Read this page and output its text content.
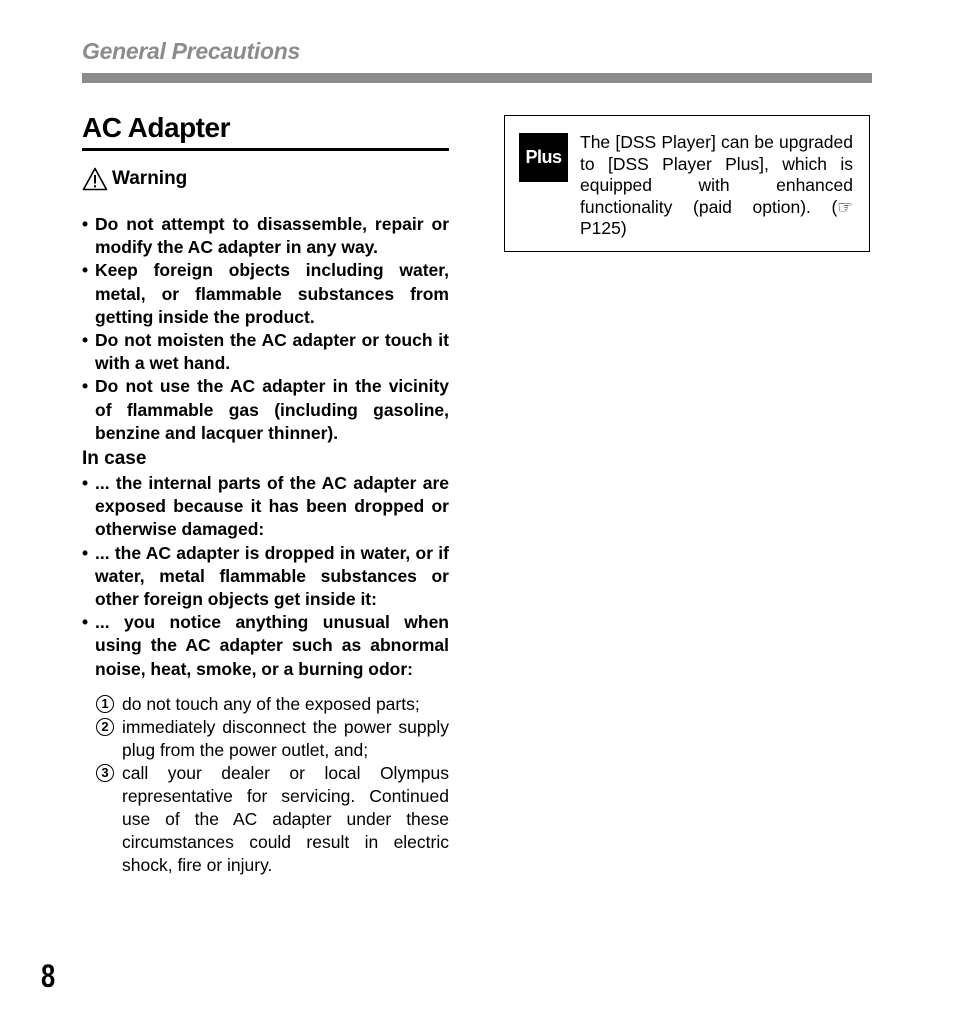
General Precautions
AC Adapter
Warning
• Do not attempt to disassemble, repair or modify the AC adapter in any way.
• Keep foreign objects including water, metal, or flammable substances from getting inside the product.
• Do not moisten the AC adapter or touch it with a wet hand.
• Do not use the AC adapter in the vicinity of flammable gas (including gasoline, benzine and lacquer thinner).
In case
• ... the internal parts of the AC adapter are exposed because it has been dropped or otherwise damaged:
• ... the AC adapter is dropped in water, or if water, metal flammable substances or other foreign objects get inside it:
• ... you notice anything unusual when using the AC adapter such as abnormal noise, heat, smoke, or a burning odor:
1 do not touch any of the exposed parts;
2 immediately disconnect the power supply plug from the power outlet, and;
3 call your dealer or local Olympus representative for servicing. Continued use of the AC adapter under these circumstances could result in electric shock, fire or injury.
Plus
The [DSS Player] can be upgraded to [DSS Player Plus], which is equipped with enhanced functionality (paid option). (☞ P125)
8
